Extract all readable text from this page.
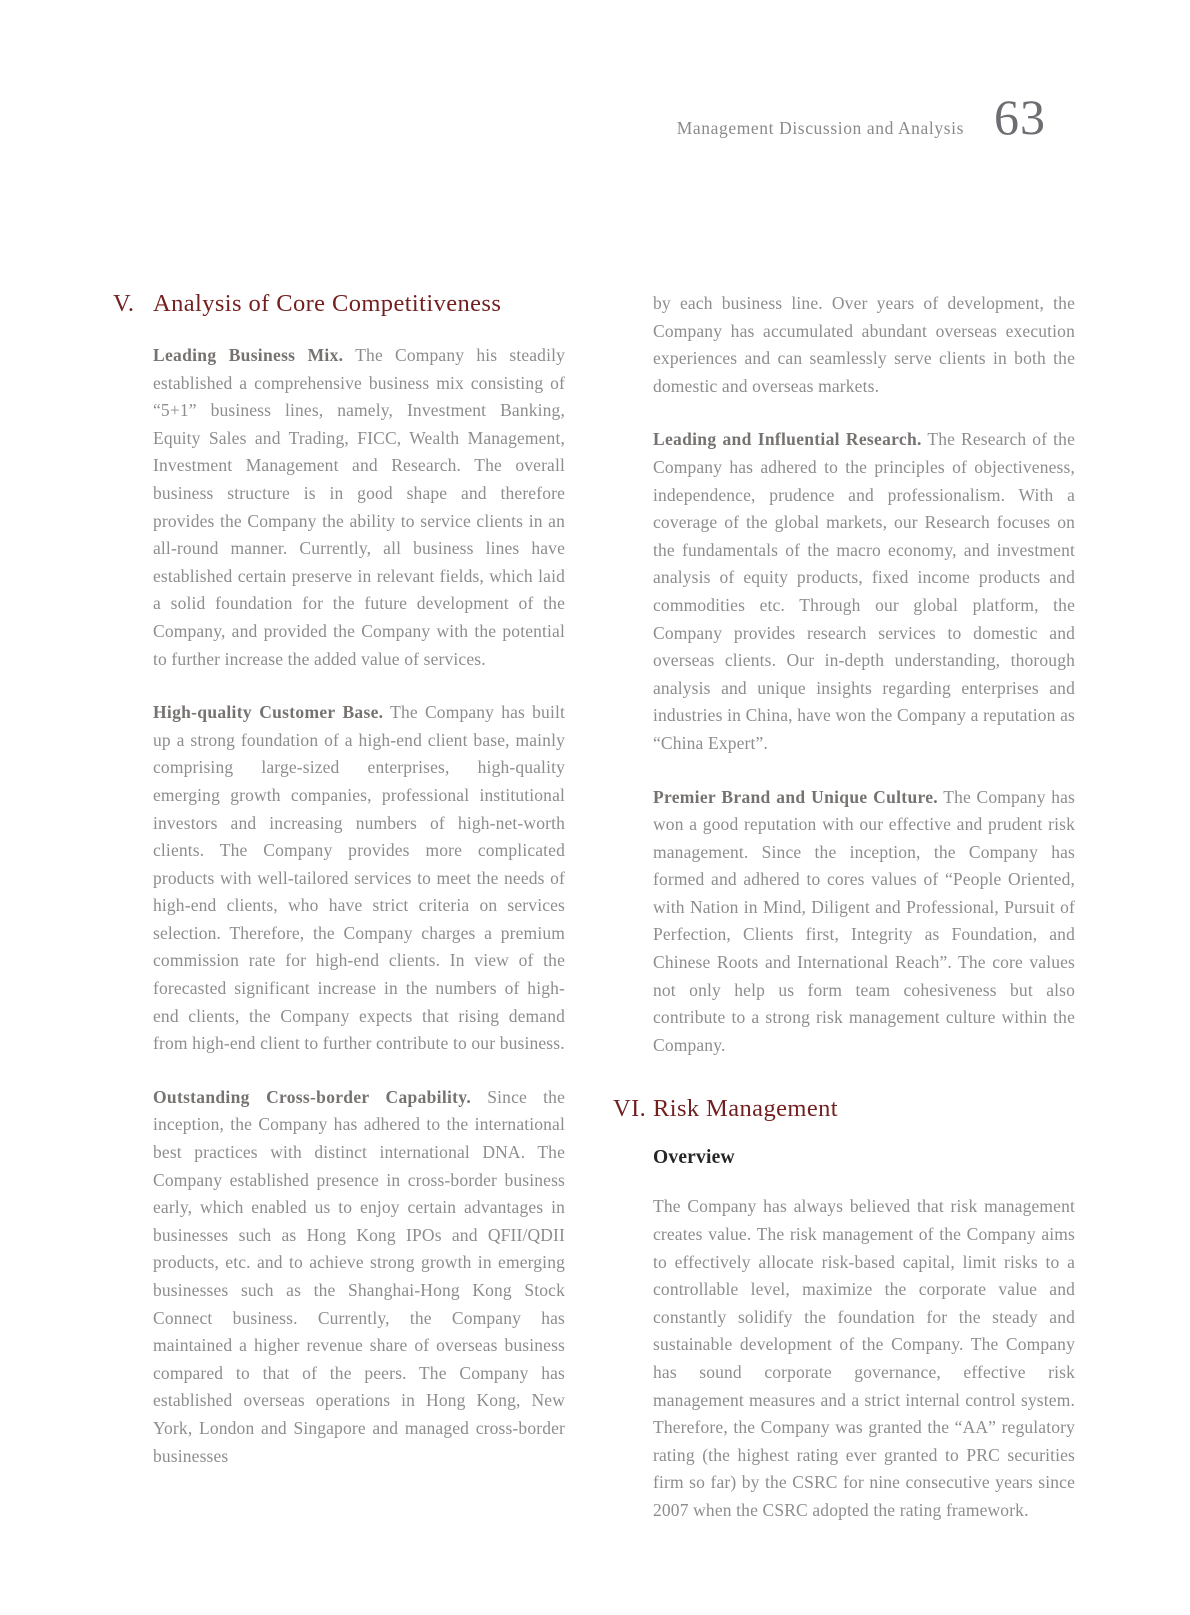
Management Discussion and Analysis 63
V. Analysis of Core Competitiveness

Leading Business Mix. The Company his steadily established a comprehensive business mix consisting of “5+1” business lines, namely, Investment Banking, Equity Sales and Trading, FICC, Wealth Management, Investment Management and Research. The overall business structure is in good shape and therefore provides the Company the ability to service clients in an all-round manner. Currently, all business lines have established certain preserve in relevant fields, which laid a solid foundation for the future development of the Company, and provided the Company with the potential to further increase the added value of services.

High-quality Customer Base. The Company has built up a strong foundation of a high-end client base, mainly comprising large-sized enterprises, high-quality emerging growth companies, professional institutional investors and increasing numbers of high-net-worth clients. The Company provides more complicated products with well-tailored services to meet the needs of high-end clients, who have strict criteria on services selection. Therefore, the Company charges a premium commission rate for high-end clients. In view of the forecasted significant increase in the numbers of high-end clients, the Company expects that rising demand from high-end client to further contribute to our business.

Outstanding Cross-border Capability. Since the inception, the Company has adhered to the international best practices with distinct international DNA. The Company established presence in cross-border business early, which enabled us to enjoy certain advantages in businesses such as Hong Kong IPOs and QFII/QDII products, etc. and to achieve strong growth in emerging businesses such as the Shanghai-Hong Kong Stock Connect business. Currently, the Company has maintained a higher revenue share of overseas business compared to that of the peers. The Company has established overseas operations in Hong Kong, New York, London and Singapore and managed cross-border businesses

by each business line. Over years of development, the Company has accumulated abundant overseas execution experiences and can seamlessly serve clients in both the domestic and overseas markets.

Leading and Influential Research. The Research of the Company has adhered to the principles of objectiveness, independence, prudence and professionalism. With a coverage of the global markets, our Research focuses on the fundamentals of the macro economy, and investment analysis of equity products, fixed income products and commodities etc. Through our global platform, the Company provides research services to domestic and overseas clients. Our in-depth understanding, thorough analysis and unique insights regarding enterprises and industries in China, have won the Company a reputation as “China Expert”.

Premier Brand and Unique Culture. The Company has won a good reputation with our effective and prudent risk management. Since the inception, the Company has formed and adhered to cores values of “People Oriented, with Nation in Mind, Diligent and Professional, Pursuit of Perfection, Clients first, Integrity as Foundation, and Chinese Roots and International Reach”. The core values not only help us form team cohesiveness but also contribute to a strong risk management culture within the Company.

VI. Risk Management
Overview

The Company has always believed that risk management creates value. The risk management of the Company aims to effectively allocate risk-based capital, limit risks to a controllable level, maximize the corporate value and constantly solidify the foundation for the steady and sustainable development of the Company. The Company has sound corporate governance, effective risk management measures and a strict internal control system. Therefore, the Company was granted the “AA” regulatory rating (the highest rating ever granted to PRC securities firm so far) by the CSRC for nine consecutive years since 2007 when the CSRC adopted the rating framework.
